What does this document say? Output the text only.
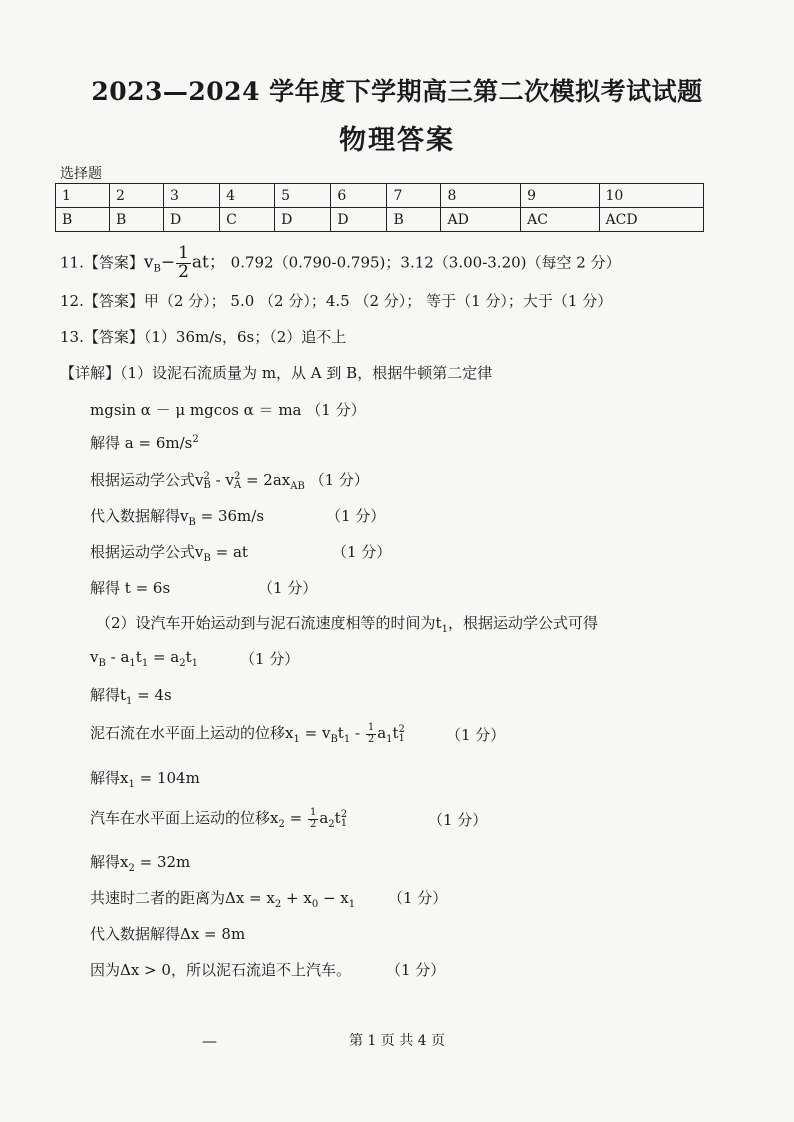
2023—2024 学年度下学期高三第二次模拟考试试题
物理答案
选择题
1	2	3	4	5	6	7	8	9	10
B	B	D	C	D	D	B	AD	AC	ACD
11.【答案】$v_B- \frac{1}{2}$ at； 0.792（0.790-0.795)；3.12（3.00-3.20)（每空 2 分）
12.【答案】甲（2 分）； 5.0 （2 分）；4.5 （2 分）； 等于（1 分）；大于（1 分）
13.【答案】（1）36m/s，6s；（2）追不上
【详解】（1）设泥石流质量为 m，从 A 到 B，根据牛顿第二定律
mgsin α － μ mgcos α ＝ ma （1 分）
解得 $a = 6m/s^2$
根据运动学公式v 2
B - v 2
$A = 2ax_{AB}$ （1 分）
代入数据解得$v_B = 36m/s$	（1 分）
根据运动学公式$v_B$ = at	（1 分）
解得 t = 6s	（1 分）
（2）设汽车开始运动到与泥石流速度相等的时间为$t_1$，根据运动学公式可得
$v_B - a_1t_1 = a_2t_1$	（1 分）
解得$t_1 = 4s$
泥石流在水平面上运动的位移$x_1 = v_Bt_1 - \frac{1}{2} a_1t$ 2
1	（1 分）
解得$x_1 = 104m$
汽车在水平面上运动的位移$x_2 = \frac{1}{2} a_2t$ 2
1	（1 分）
解得$x_2 = 32m$
共速时二者的距离为$\Delta x = x_2 + x_0 - x_1$ （1 分）
代入数据解得Δx = 8m
因为Δx > 0，所以泥石流追不上汽车。 （1 分）
—	第 1 页 共 4 页
